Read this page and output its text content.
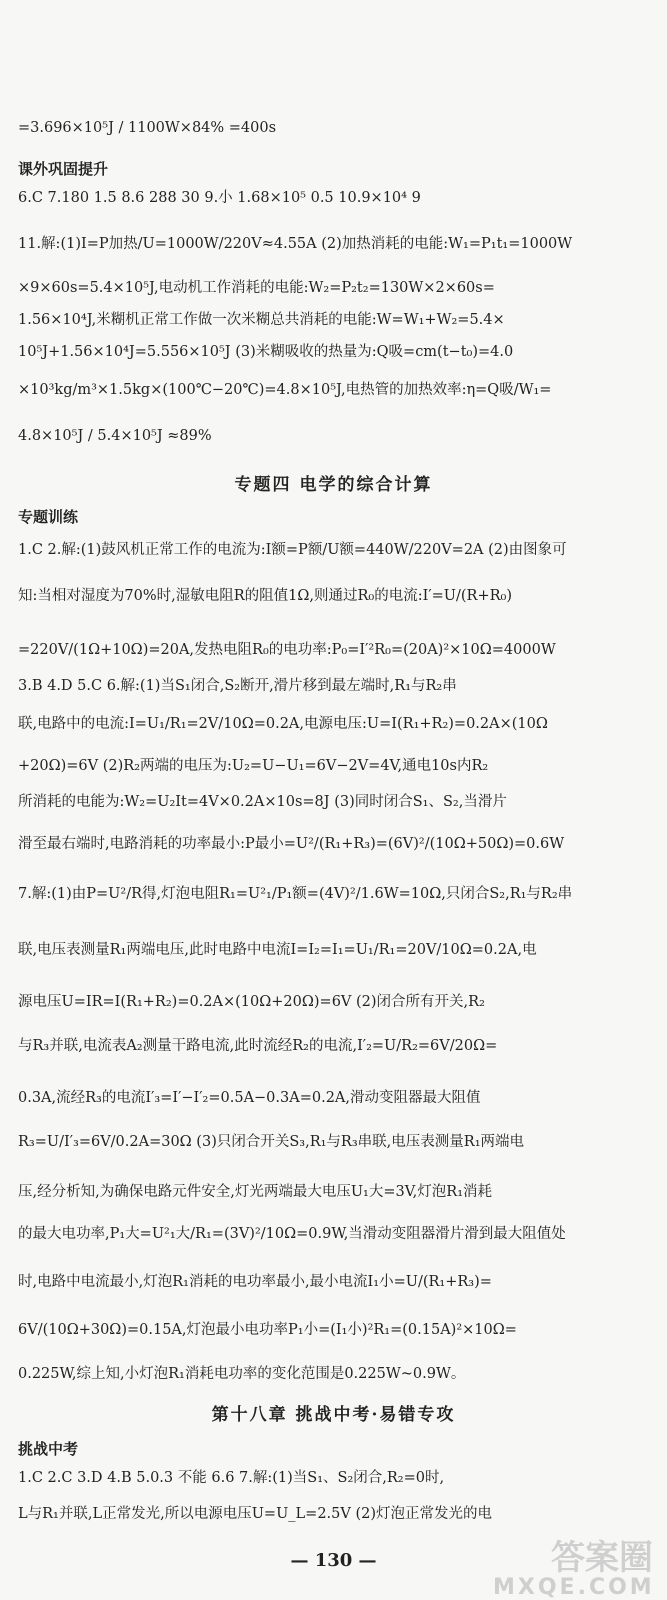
=3.696×10⁵J / 1100W×84% =400s
课外巩固提升
6.C 7.180 1.5 8.6 288 30 9.小 1.68×10⁵ 0.5 10.9×10⁴ 9
11.解:(1)I=P加热/U=1000W/220V≈4.55A (2)加热消耗的电能:W₁=P₁t₁=1000W
×9×60s=5.4×10⁵J,电动机工作消耗的电能:W₂=P₂t₂=130W×2×60s=
1.56×10⁴J,米糊机正常工作做一次米糊总共消耗的电能:W=W₁+W₂=5.4×
10⁵J+1.56×10⁴J=5.556×10⁵J (3)米糊吸收的热量为:Q吸=cm(t−t₀)=4.0
×10³kg/m³×1.5kg×(100℃−20℃)=4.8×10⁵J,电热管的加热效率:η=Q吸/W₁=
4.8×10⁵J / 5.4×10⁵J ≈89%
专题四 电学的综合计算
专题训练
1.C 2.解:(1)鼓风机正常工作的电流为:I额=P额/U额=440W/220V=2A (2)由图象可
知:当相对湿度为70%时,湿敏电阻R的阻值1Ω,则通过R₀的电流:I′=U/(R+R₀)
=220V/(1Ω+10Ω)=20A,发热电阻R₀的电功率:P₀=I′²R₀=(20A)²×10Ω=4000W
3.B 4.D 5.C 6.解:(1)当S₁闭合,S₂断开,滑片移到最左端时,R₁与R₂串
联,电路中的电流:I=U₁/R₁=2V/10Ω=0.2A,电源电压:U=I(R₁+R₂)=0.2A×(10Ω
+20Ω)=6V (2)R₂两端的电压为:U₂=U−U₁=6V−2V=4V,通电10s内R₂
所消耗的电能为:W₂=U₂It=4V×0.2A×10s=8J (3)同时闭合S₁、S₂,当滑片
滑至最右端时,电路消耗的功率最小:P最小=U²/(R₁+R₃)=(6V)²/(10Ω+50Ω)=0.6W
7.解:(1)由P=U²/R得,灯泡电阻R₁=U²₁/P₁额=(4V)²/1.6W=10Ω,只闭合S₂,R₁与R₂串
联,电压表测量R₁两端电压,此时电路中电流I=I₂=I₁=U₁/R₁=20V/10Ω=0.2A,电
源电压U=IR=I(R₁+R₂)=0.2A×(10Ω+20Ω)=6V (2)闭合所有开关,R₂
与R₃并联,电流表A₂测量干路电流,此时流经R₂的电流,I′₂=U/R₂=6V/20Ω=
0.3A,流经R₃的电流I′₃=I′−I′₂=0.5A−0.3A=0.2A,滑动变阻器最大阻值
R₃=U/I′₃=6V/0.2A=30Ω (3)只闭合开关S₃,R₁与R₃串联,电压表测量R₁两端电
压,经分析知,为确保电路元件安全,灯光两端最大电压U₁大=3V,灯泡R₁消耗
的最大电功率,P₁大=U²₁大/R₁=(3V)²/10Ω=0.9W,当滑动变阻器滑片滑到最大阻值处
时,电路中电流最小,灯泡R₁消耗的电功率最小,最小电流I₁小=U/(R₁+R₃)=
6V/(10Ω+30Ω)=0.15A,灯泡最小电功率P₁小=(I₁小)²R₁=(0.15A)²×10Ω=
0.225W,综上知,小灯泡R₁消耗电功率的变化范围是0.225W~0.9W。
第十八章 挑战中考·易错专攻
挑战中考
1.C 2.C 3.D 4.B 5.0.3 不能 6.6 7.解:(1)当S₁、S₂闭合,R₂=0时,
L与R₁并联,L正常发光,所以电源电压U=U_L=2.5V (2)灯泡正常发光的电
— 130 —	答案圈
MXQE.COM
